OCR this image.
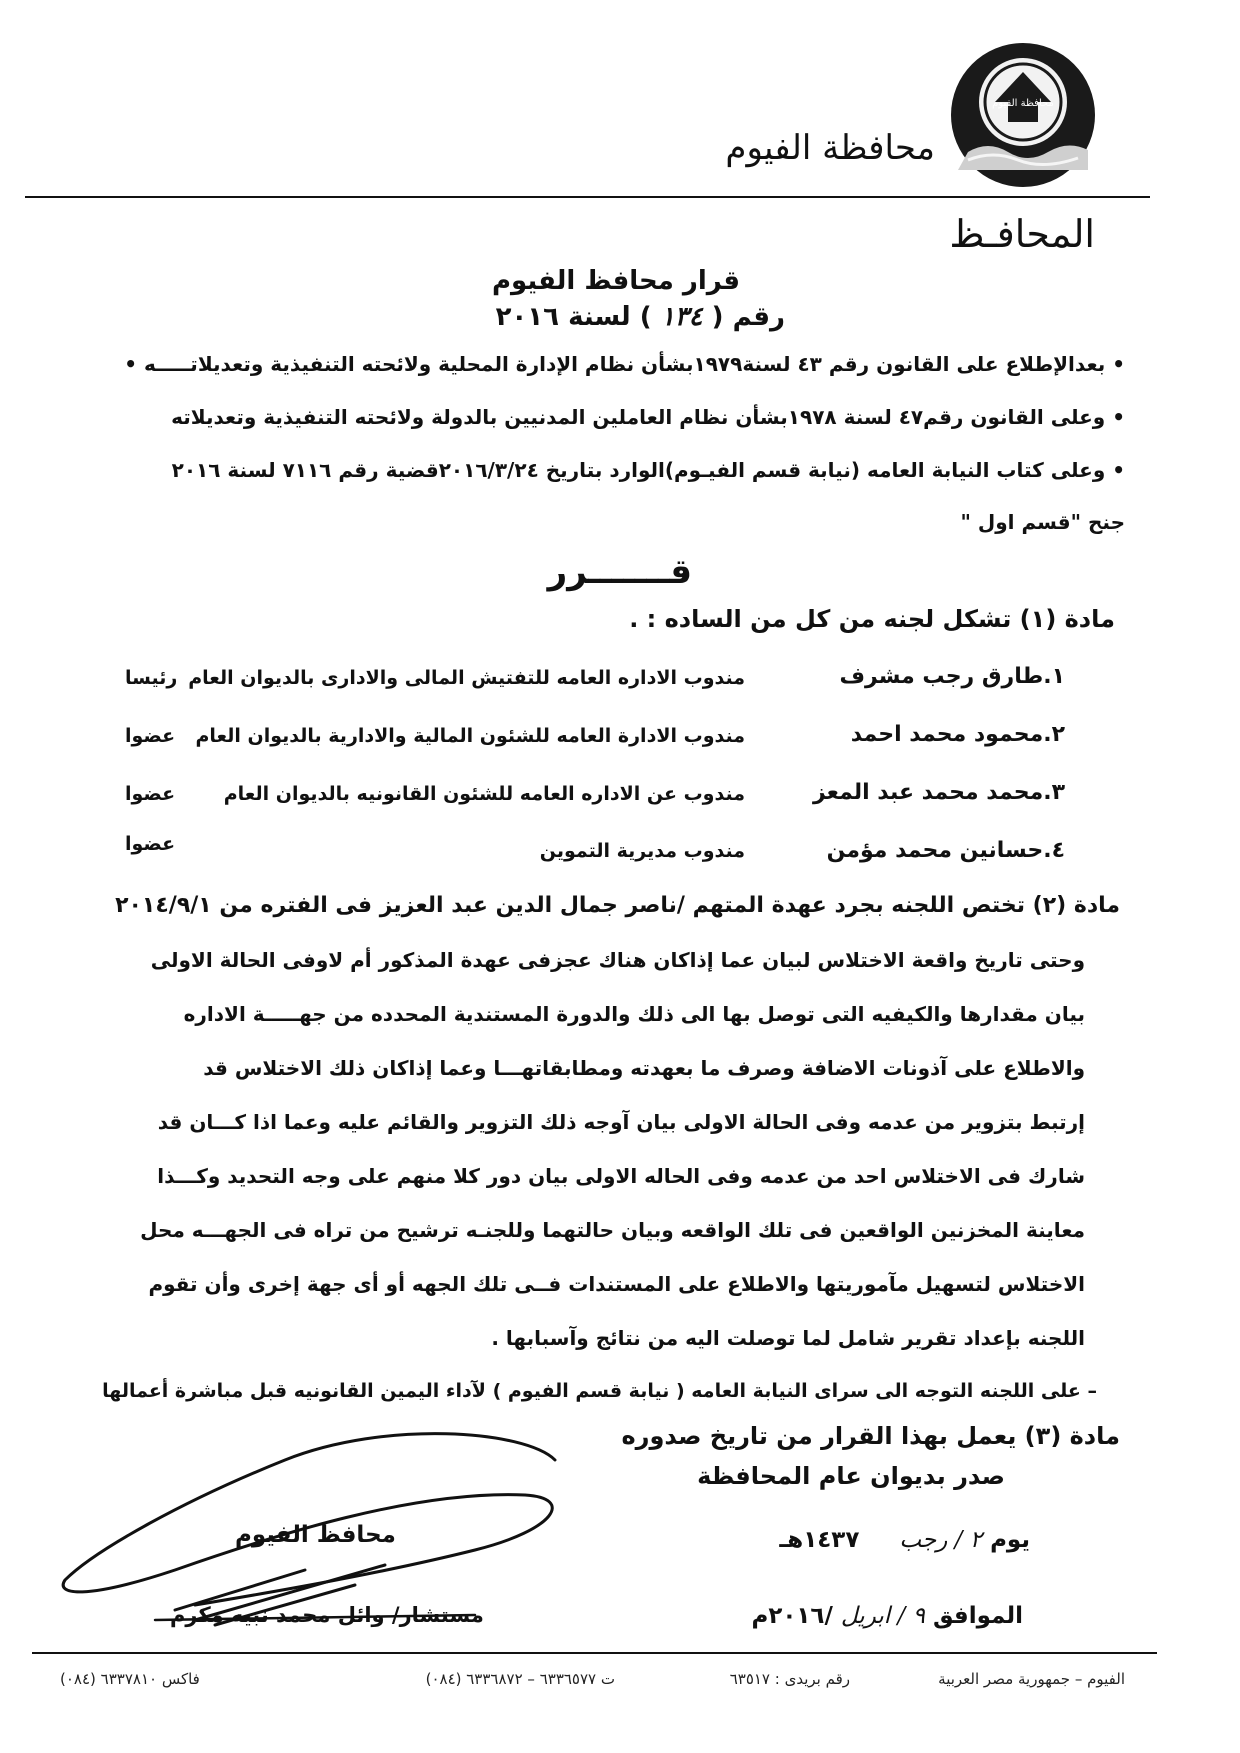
محافظة الفيوم
محافظة الفيوم
المحافـظ
قرار محافظ الفيوم
رقم ( ١٣٤ ) لسنة ٢٠١٦
• بعدالإطلاع على القانون رقم ٤٣ لسنة١٩٧٩بشأن نظام الإدارة المحلية ولائحته التنفيذية وتعديلاتـــــه •
• وعلى القانون رقم٤٧ لسنة ١٩٧٨بشأن نظام العاملين المدنيين بالدولة ولائحته التنفيذية وتعديلاته
• وعلى كتاب النيابة العامه (نيابة قسم الفيـوم)الوارد بتاريخ ٢٠١٦/٣/٢٤قضية رقم ٧١١٦ لسنة ٢٠١٦
جنح "قسم اول "
قـــــــرر
مادة (١) تشكل لجنه من كل من الساده : .
١.طارق رجب مشرف
مندوب الاداره العامه للتفتيش المالى والادارى بالديوان العام
رئيسا
٢.محمود محمد احمد
مندوب الادارة العامه للشئون المالية والادارية بالديوان العام
عضوا
٣.محمد محمد عبد المعز
مندوب عن الاداره العامه للشئون القانونيه بالديوان العام
عضوا
٤.حسانين محمد مؤمن
مندوب مديرية التموين
عضوا
مادة (٢) تختص اللجنه بجرد عهدة المتهم /ناصر جمال الدين عبد العزيز فى الفتره من ٢٠١٤/٩/١
وحتى تاريخ واقعة الاختلاس لبيان عما إذاكان هناك عجزفى عهدة المذكور أم لاوفى الحالة الاولى
بيان مقدارها والكيفيه التى توصل بها الى ذلك والدورة المستندية المحدده من جهـــــة الاداره
والاطلاع على آذونات الاضافة وصرف ما بعهدته ومطابقاتهـــا وعما إذاكان ذلك الاختلاس قد
إرتبط بتزوير من عدمه وفى الحالة الاولى بيان آوجه ذلك التزوير والقائم عليه وعما اذا كـــان قد
شارك فى الاختلاس احد من عدمه وفى الحاله الاولى بيان دور كلا منهم على وجه التحديد وكـــذا
معاينة المخزنين الواقعين فى تلك الواقعه وبيان حالتهما وللجنـه ترشيح من تراه فى الجهـــه محل
الاختلاس لتسهيل مآموريتها والاطلاع على المستندات فــى تلك الجهه أو أى جهة إخرى وأن تقوم
اللجنه بإعداد تقرير شامل لما توصلت اليه من نتائج وآسبابها .
– على اللجنه التوجه الى سراى النيابة العامه ( نيابة قسم الفيوم ) لآداء اليمين القانونيه قبل مباشرة أعمالها
مادة (٣) يعمل بهذا القرار من تاريخ صدوره
صدر بديوان عام المحافظة
محافظ الفيوم
مستشار/ وائل محمد نبيه مكرم
يوم ٢ / رجب     ١٤٣٧هـ
الموافق ٩ / ابريل /٢٠١٦م
الفيوم – جمهورية مصر العربية
رقم بريدى : ٦٣٥١٧
ت ٦٣٣٦٥٧٧ – ٦٣٣٦٨٧٢ (٠٨٤)
فاكس ٦٣٣٧٨١٠ (٠٨٤)
